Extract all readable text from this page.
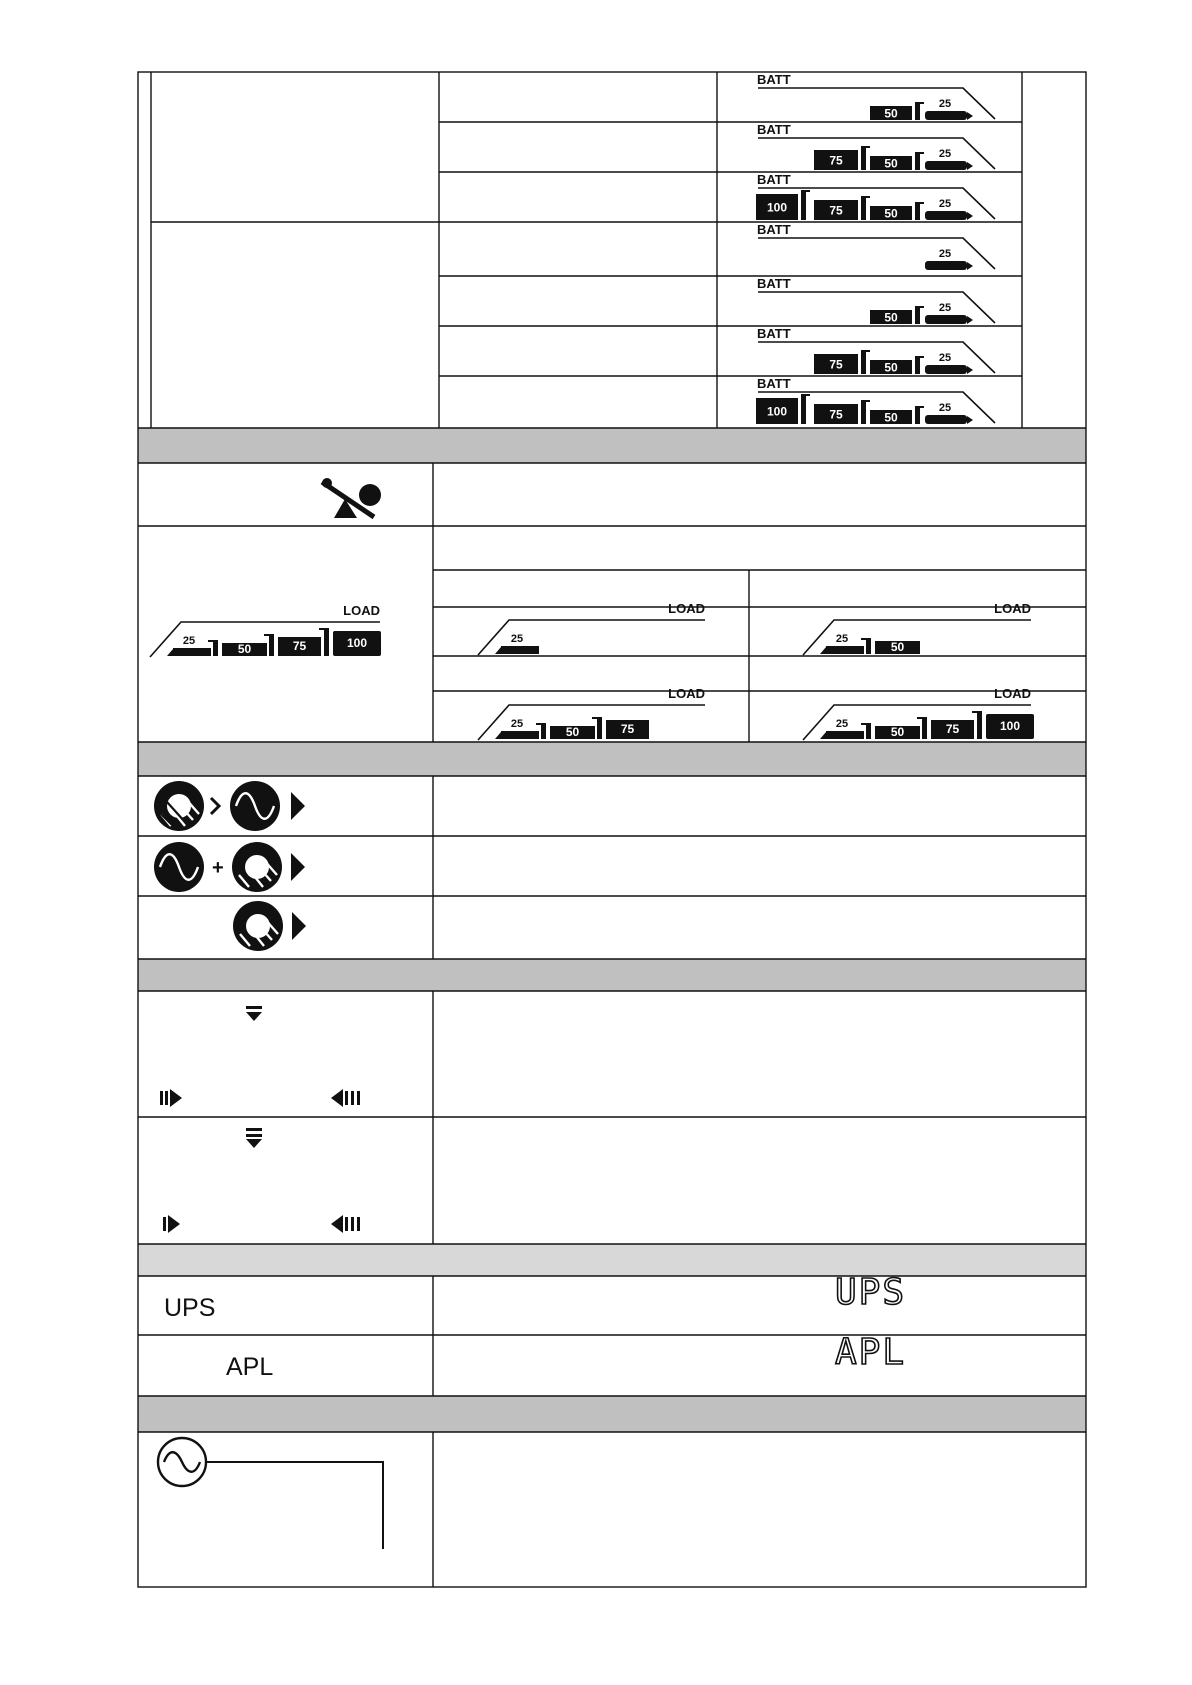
BATT
50
25
BATT
75	50
25
BATT
100	75	50
25
BATT
25
BATT
50
25
BATT
75	50
25
BATT
100	75	50
25
LOAD
25
50	75	100
LOAD
25
LOAD
25
50
LOAD
25
50	75
LOAD
25
50	75	100
+
UPS	UPS
APL	APL
